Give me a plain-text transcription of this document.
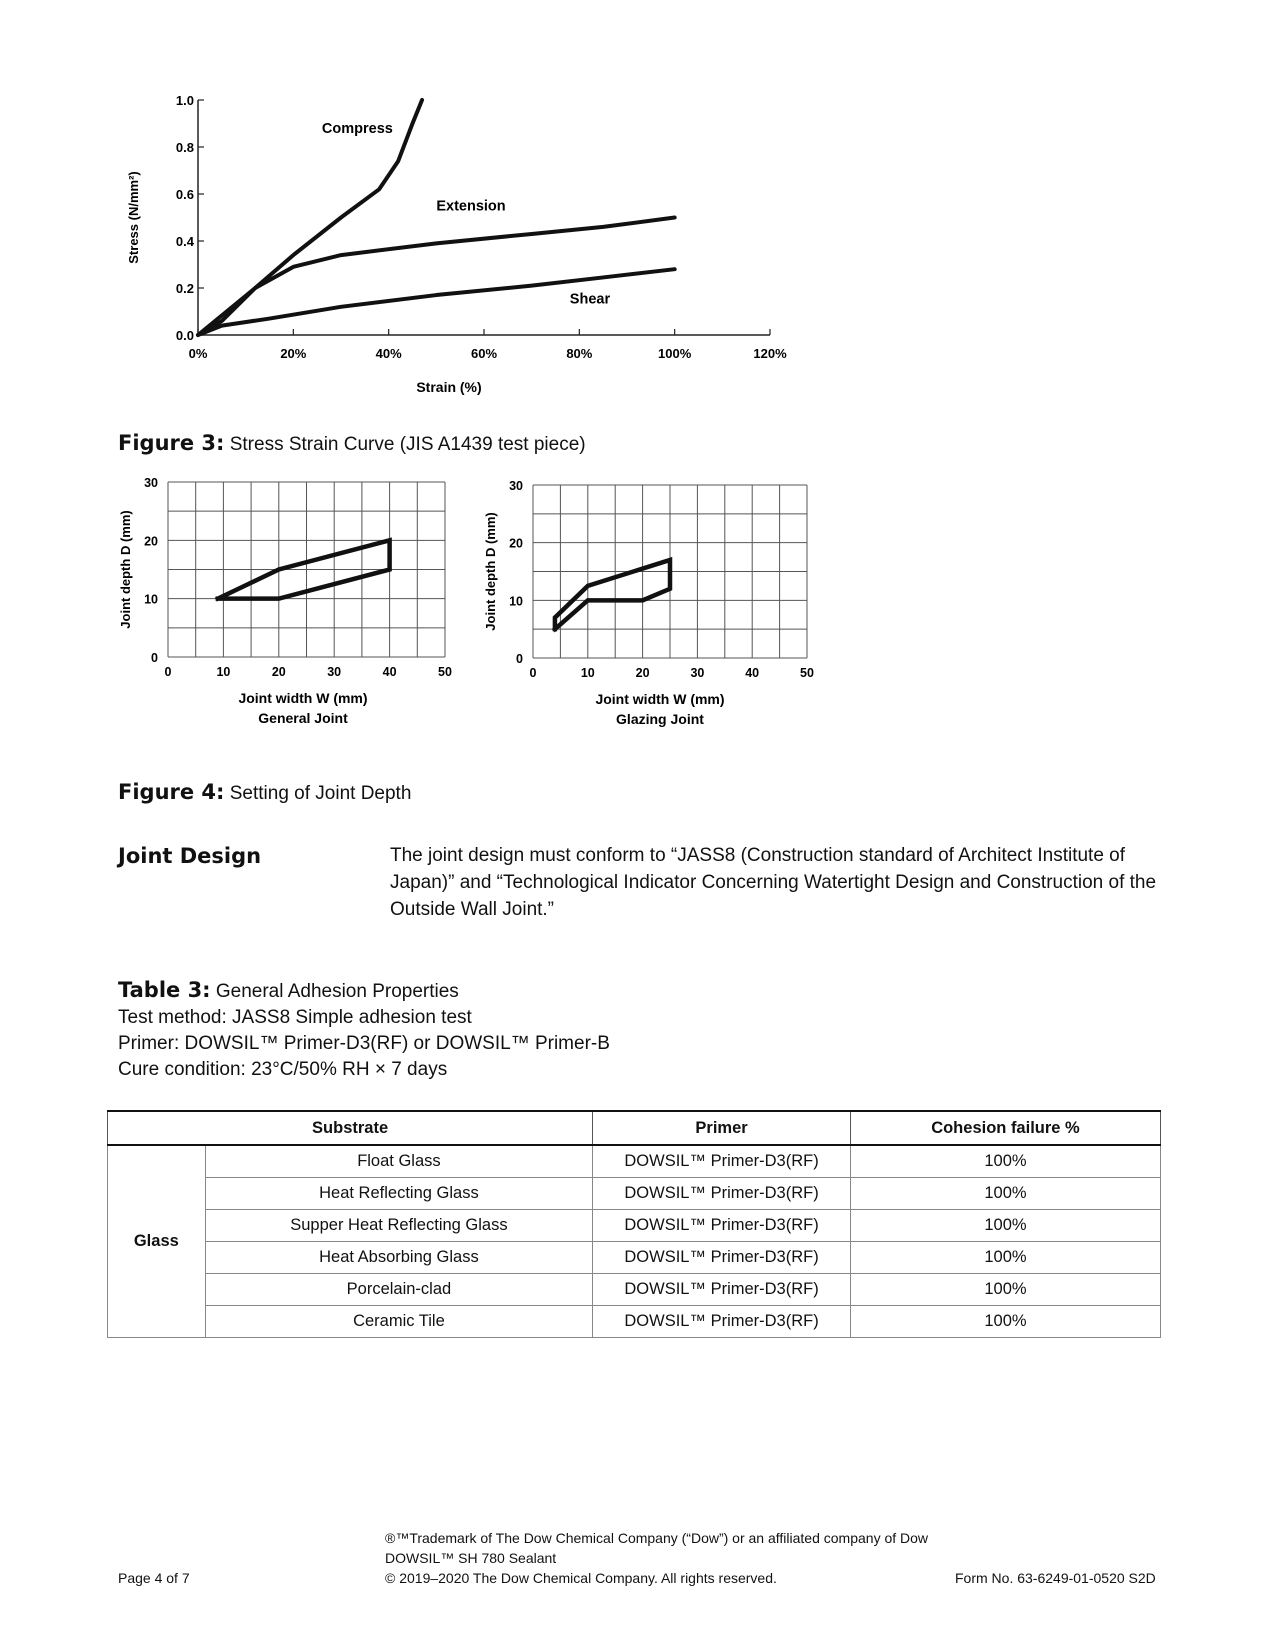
0%	20%	40%	60%	80%	100%	120%
0.0
0.2
0.4
0.6
0.8
1.0
Strain (%)
Stress (N/mm²)
Compress
Extension
Shear
Figure 3: Stress Strain Curve (JIS A1439 test piece)
0	10	20	30	40	50
0
10
20
30
Joint depth D (mm)
Joint width W (mm)
General Joint
0	10	20	30	40	50
0
10
20
30
Joint depth D (mm)
Joint width W (mm)
Glazing Joint
Figure 4: Setting of Joint Depth
Joint Design	The joint design must conform to “JASS8 (Construction standard of Architect Institute of Japan)” and “Technological Indicator Concerning Watertight Design and Construction of the Outside Wall Joint.”
Table 3: General Adhesion Properties
Test method: JASS8 Simple adhesion test
Primer: DOWSIL™ Primer-D3(RF) or DOWSIL™ Primer-B
Cure condition: 23°C/50% RH × 7 days
Substrate		Primer	Cohesion failure %
Glass	Float Glass	DOWSIL™ Primer-D3(RF)	100%
	Heat Reflecting Glass	DOWSIL™ Primer-D3(RF)	100%
	Supper Heat Reflecting Glass	DOWSIL™ Primer-D3(RF)	100%
	Heat Absorbing Glass	DOWSIL™ Primer-D3(RF)	100%
	Porcelain-clad	DOWSIL™ Primer-D3(RF)	100%
	Ceramic Tile	DOWSIL™ Primer-D3(RF)	100%
®™Trademark of The Dow Chemical Company (“Dow”) or an affiliated company of Dow
DOWSIL™ SH 780 Sealant
Page 4 of 7	© 2019–2020 The Dow Chemical Company. All rights reserved.	Form No. 63-6249-01-0520 S2D
